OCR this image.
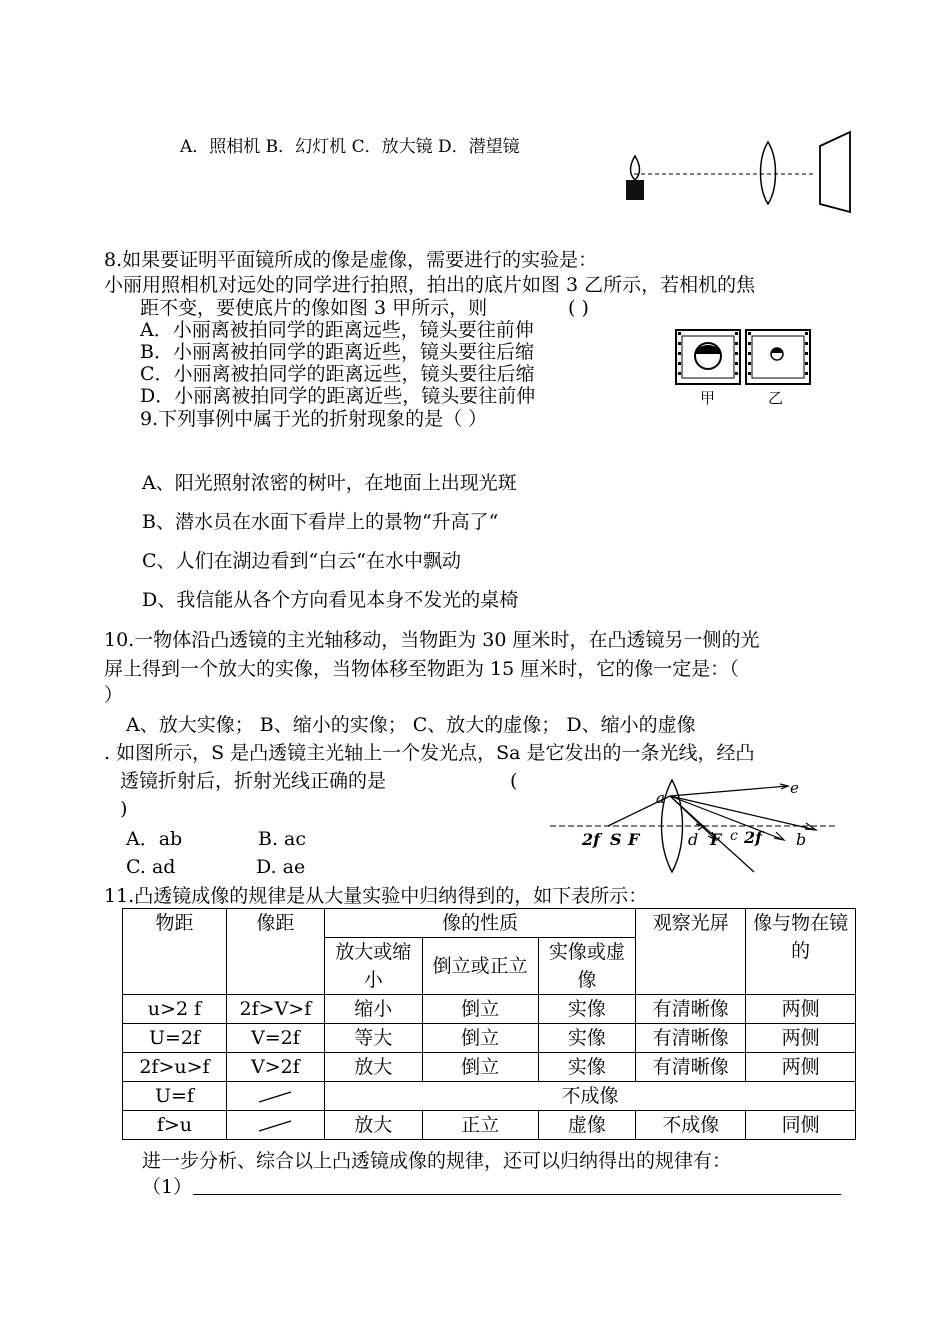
A．照相机 B．幻灯机 C．放大镜 D．潜望镜
8.如果要证明平面镜所成的像是虚像，需要进行的实验是：
小丽用照相机对远处的同学进行拍照，拍出的底片如图 3 乙所示，若相机的焦
距不变，要使底片的像如图 3 甲所示，则	( )
A．小丽离被拍同学的距离远些，镜头要往前伸
B．小丽离被拍同学的距离近些，镜头要往后缩
C．小丽离被拍同学的距离远些，镜头要往后缩
D．小丽离被拍同学的距离近些，镜头要往前伸	甲	乙
9.下列事例中属于光的折射现象的是（ ）
A、阳光照射浓密的树叶，在地面上出现光斑
B、潜水员在水面下看岸上的景物“升高了“
C、人们在湖边看到“白云“在水中飘动
D、我信能从各个方向看见本身不发光的桌椅
10.一物体沿凸透镜的主光轴移动，当物距为 30 厘米时，在凸透镜另一侧的光
屏上得到一个放大的实像，当物体移至物距为 15 厘米时，它的像一定是：（
）
A、放大实像； B、缩小的实像； C、放大的虚像； D、缩小的虚像
. 如图所示，S 是凸透镜主光轴上一个发光点，Sa 是它发出的一条光线，经凸
透镜折射后，折射光线正确的是	(
)
A．ab	B. ac
C. ad	D. ae
2f S F
a
d F c 2f b
e
11.凸透镜成像的规律是从大量实验中归纳得到的，如下表所示：
物距	像距	像的性质			观察光屏	像与物在镜的
		放大或缩小	倒立或正立	实像或虚像		
u>2 f	2f>V>f	缩小	倒立	实像	有清晰像	两侧
U=2f	V=2f	等大	倒立	实像	有清晰像	两侧
2f>u>f	V>2f	放大	倒立	实像	有清晰像	两侧
U=f		不成像				
f>u		放大	正立	虚像	不成像	同侧
进一步分析、综合以上凸透镜成像的规律，还可以归纳得出的规律有：
（1）
